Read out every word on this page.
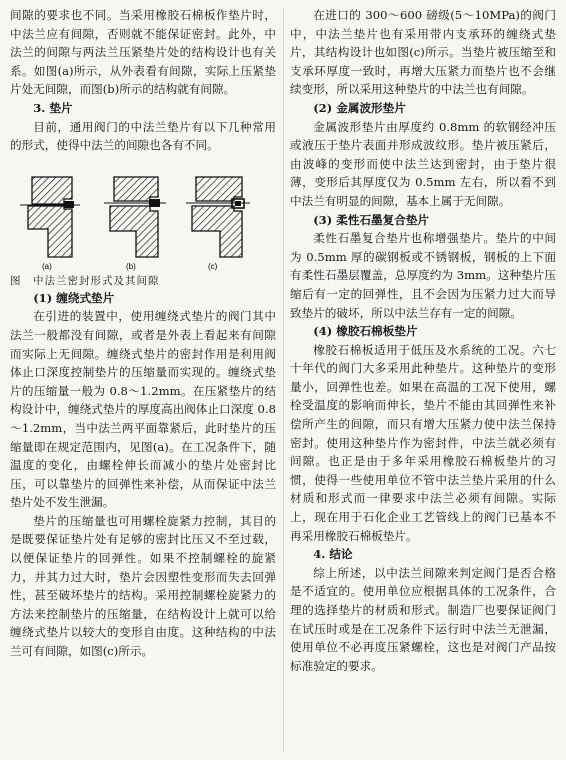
间隙的要求也不同。当采用橡胶石棉板作垫片时，中法兰应有间隙，否则就不能保证密封。此外，中法兰的间隙与两法兰压紧垫片处的结构设计也有关系。如图(a)所示，从外表看有间隙，实际上压紧垫片处无间隙，而图(b)所示的结构就有间隙。

3. 垫片

目前，通用阀门的中法兰垫片有以下几种常用的形式，使得中法兰的间隙也各有不同。

(a)	(b)	(c)

图　中法兰密封形式及其间隙

(1) 缠绕式垫片

在引进的装置中，使用缠绕式垫片的阀门其中法兰一般都没有间隙，或者是外表上看起来有间隙而实际上无间隙。缠绕式垫片的密封作用是利用阀体止口深度控制垫片的压缩量而实现的。缠绕式垫片的压缩量一般为 0.8～1.2mm。在压紧垫片的结构设计中，缠绕式垫片的厚度高出阀体止口深度 0.8～1.2mm，当中法兰两平面靠紧后，此时垫片的压缩量即在规定范围内，见图(a)。在工况条件下，随温度的变化，由螺栓伸长而减小的垫片处密封比压，可以靠垫片的回弹性来补偿，从而保证中法兰垫片处不发生泄漏。

垫片的压缩量也可用螺栓旋紧力控制，其目的是既要保证垫片处有足够的密封比压又不至过载，以便保证垫片的回弹性。如果不控制螺栓的旋紧力，并其力过大时，垫片会因塑性变形而失去回弹性，甚至破坏垫片的结构。采用控制螺栓旋紧力的方法来控制垫片的压缩量，在结构设计上就可以给缠绕式垫片以较大的变形自由度。这种结构的中法兰可有间隙，如图(c)所示。

在进口的 300～600 磅级(5～10MPa)的阀门中，中法兰垫片也有采用带内支承环的缠绕式垫片，其结构设计也如图(c)所示。当垫片被压缩至和支承环厚度一致时，再增大压紧力而垫片也不会继续变形，所以采用这种垫片的中法兰也有间隙。

(2) 金属波形垫片

金属波形垫片由厚度约 0.8mm 的软钢经冲压或液压于垫片表面并形成波纹形。垫片被压紧后，由波峰的变形而使中法兰达到密封，由于垫片很薄，变形后其厚度仅为 0.5mm 左右，所以看不到中法兰有明显的间隙，基本上属于无间隙。

(3) 柔性石墨复合垫片

柔性石墨复合垫片也称增强垫片。垫片的中间为 0.5mm 厚的碳钢板或不锈钢板，钢板的上下面有柔性石墨层覆盖，总厚度约为 3mm。这种垫片压缩后有一定的回弹性，且不会因为压紧力过大而导致垫片的破坏，所以中法兰存有一定的间隙。

(4) 橡胶石棉板垫片

橡胶石棉板适用于低压及水系统的工况。六七十年代的阀门大多采用此种垫片。这种垫片的变形量小，回弹性也差。如果在高温的工况下使用，螺栓受温度的影响而伸长，垫片不能由其回弹性来补偿所产生的间隙，而只有增大压紧力使中法兰保持密封。使用这种垫片作为密封件，中法兰就必须有间隙。也正是由于多年采用橡胶石棉板垫片的习惯，使得一些使用单位不管中法兰垫片采用的什么材质和形式而一律要求中法兰必须有间隙。实际上，现在用于石化企业工艺管线上的阀门已基本不再采用橡胶石棉板垫片。

4. 结论

综上所述，以中法兰间隙来判定阀门是否合格是不适宜的。使用单位应根据具体的工况条件，合理的选择垫片的材质和形式。制造厂也要保证阀门在试压时或是在工况条件下运行时中法兰无泄漏，使用单位不必再度压紧螺栓，这也是对阀门产品按标准验定的要求。
